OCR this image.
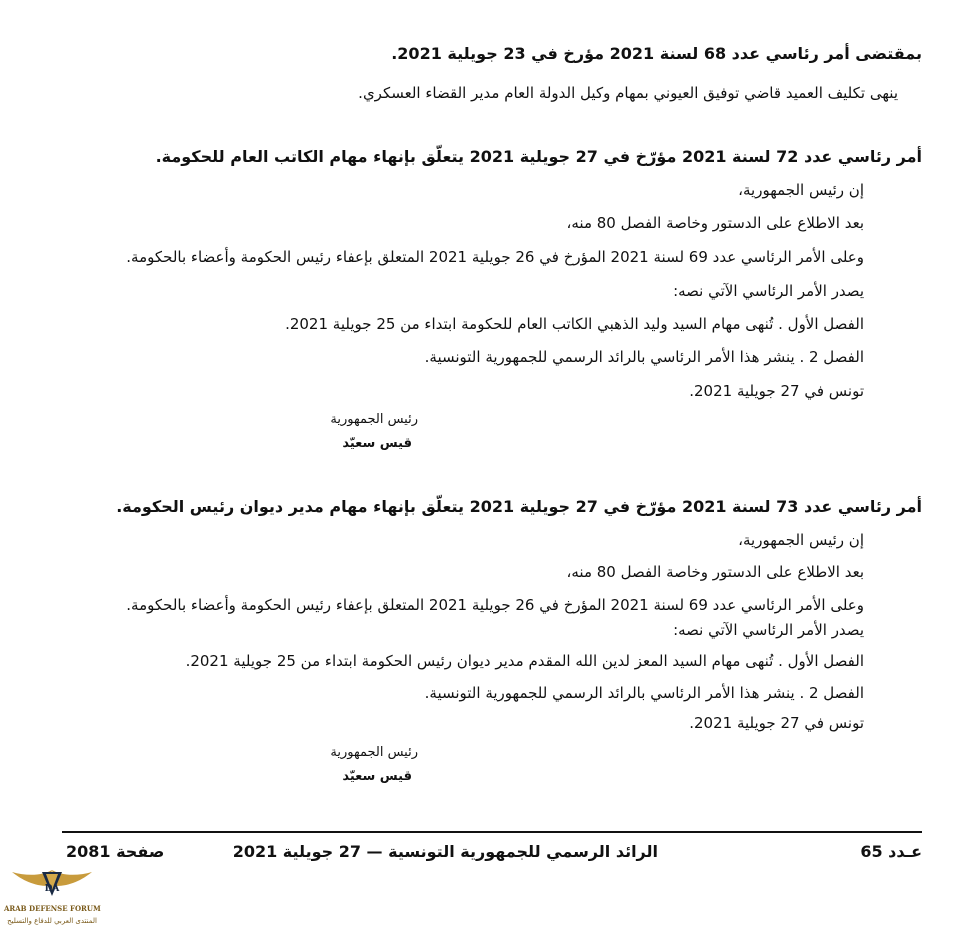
بمقتضى أمر رئاسي عدد 68 لسنة 2021 مؤرخ في 23 جويلية 2021.
ينهى تكليف العميد قاضي توفيق العيوني بمهام وكيل الدولة العام مدير القضاء العسكري.
أمر رئاسي عدد 72 لسنة 2021 مؤرّخ في 27 جويلية 2021 يتعلّق بإنهاء مهام الكاتب العام للحكومة.
إن رئيس الجمهورية،
بعد الاطلاع على الدستور وخاصة الفصل 80 منه،
وعلى الأمر الرئاسي عدد 69 لسنة 2021 المؤرخ في 26 جويلية 2021 المتعلق بإعفاء رئيس الحكومة وأعضاء بالحكومة.
يصدر الأمر الرئاسي الآتي نصه:
الفصل الأول . تُنهى مهام السيد وليد الذهبي الكاتب العام للحكومة ابتداء من 25 جويلية 2021.
الفصل 2 . ينشر هذا الأمر الرئاسي بالرائد الرسمي للجمهورية التونسية.
تونس في 27 جويلية 2021.
رئيس الجمهورية
قيس سعيّد
أمر رئاسي عدد 73 لسنة 2021 مؤرّخ في 27 جويلية 2021 يتعلّق بإنهاء مهام مدير ديوان رئيس الحكومة.
إن رئيس الجمهورية،
بعد الاطلاع على الدستور وخاصة الفصل 80 منه،
وعلى الأمر الرئاسي عدد 69 لسنة 2021 المؤرخ في 26 جويلية 2021 المتعلق بإعفاء رئيس الحكومة وأعضاء بالحكومة.
يصدر الأمر الرئاسي الآتي نصه:
الفصل الأول . تُنهى مهام السيد المعز لدين الله المقدم مدير ديوان رئيس الحكومة ابتداء من 25 جويلية 2021.
الفصل 2 . ينشر هذا الأمر الرئاسي بالرائد الرسمي للجمهورية التونسية.
تونس في 27 جويلية 2021.
رئيس الجمهورية
قيس سعيّد
عـدد 65
الرائد الرسمي للجمهورية التونسية — 27 جويلية 2021
صفحة 2081
DA
ARAB DEFENSE FORUM
المنتدى العربي للدفاع والتسليح
